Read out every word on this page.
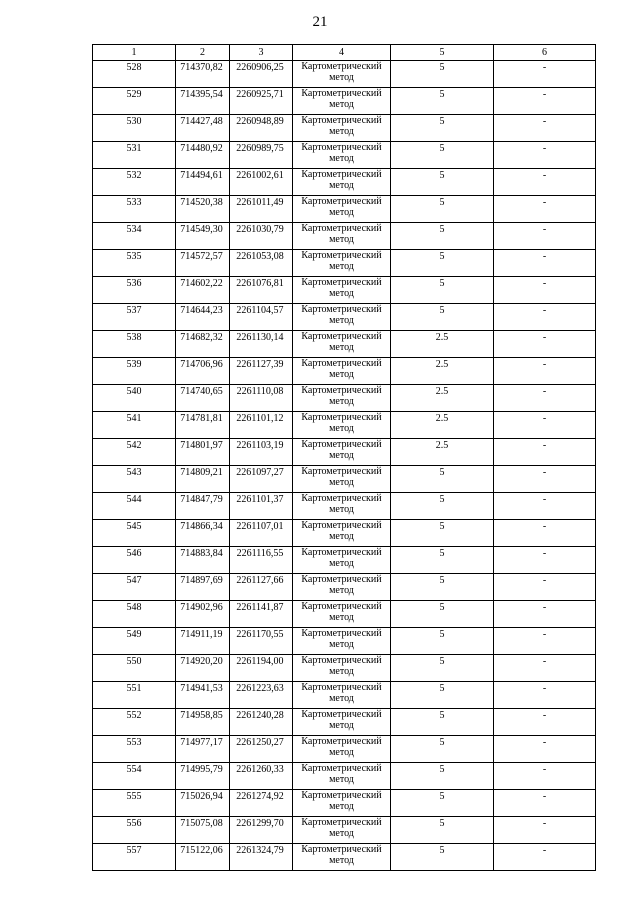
21
1	2	3	4	5	6
528	714370,82	2260906,25	Картометрический метод	5	-
529	714395,54	2260925,71	Картометрический метод	5	-
530	714427,48	2260948,89	Картометрический метод	5	-
531	714480,92	2260989,75	Картометрический метод	5	-
532	714494,61	2261002,61	Картометрический метод	5	-
533	714520,38	2261011,49	Картометрический метод	5	-
534	714549,30	2261030,79	Картометрический метод	5	-
535	714572,57	2261053,08	Картометрический метод	5	-
536	714602,22	2261076,81	Картометрический метод	5	-
537	714644,23	2261104,57	Картометрический метод	5	-
538	714682,32	2261130,14	Картометрический метод	2.5	-
539	714706,96	2261127,39	Картометрический метод	2.5	-
540	714740,65	2261110,08	Картометрический метод	2.5	-
541	714781,81	2261101,12	Картометрический метод	2.5	-
542	714801,97	2261103,19	Картометрический метод	2.5	-
543	714809,21	2261097,27	Картометрический метод	5	-
544	714847,79	2261101,37	Картометрический метод	5	-
545	714866,34	2261107,01	Картометрический метод	5	-
546	714883,84	2261116,55	Картометрический метод	5	-
547	714897,69	2261127,66	Картометрический метод	5	-
548	714902,96	2261141,87	Картометрический метод	5	-
549	714911,19	2261170,55	Картометрический метод	5	-
550	714920,20	2261194,00	Картометрический метод	5	-
551	714941,53	2261223,63	Картометрический метод	5	-
552	714958,85	2261240,28	Картометрический метод	5	-
553	714977,17	2261250,27	Картометрический метод	5	-
554	714995,79	2261260,33	Картометрический метод	5	-
555	715026,94	2261274,92	Картометрический метод	5	-
556	715075,08	2261299,70	Картометрический метод	5	-
557	715122,06	2261324,79	Картометрический метод	5	-
